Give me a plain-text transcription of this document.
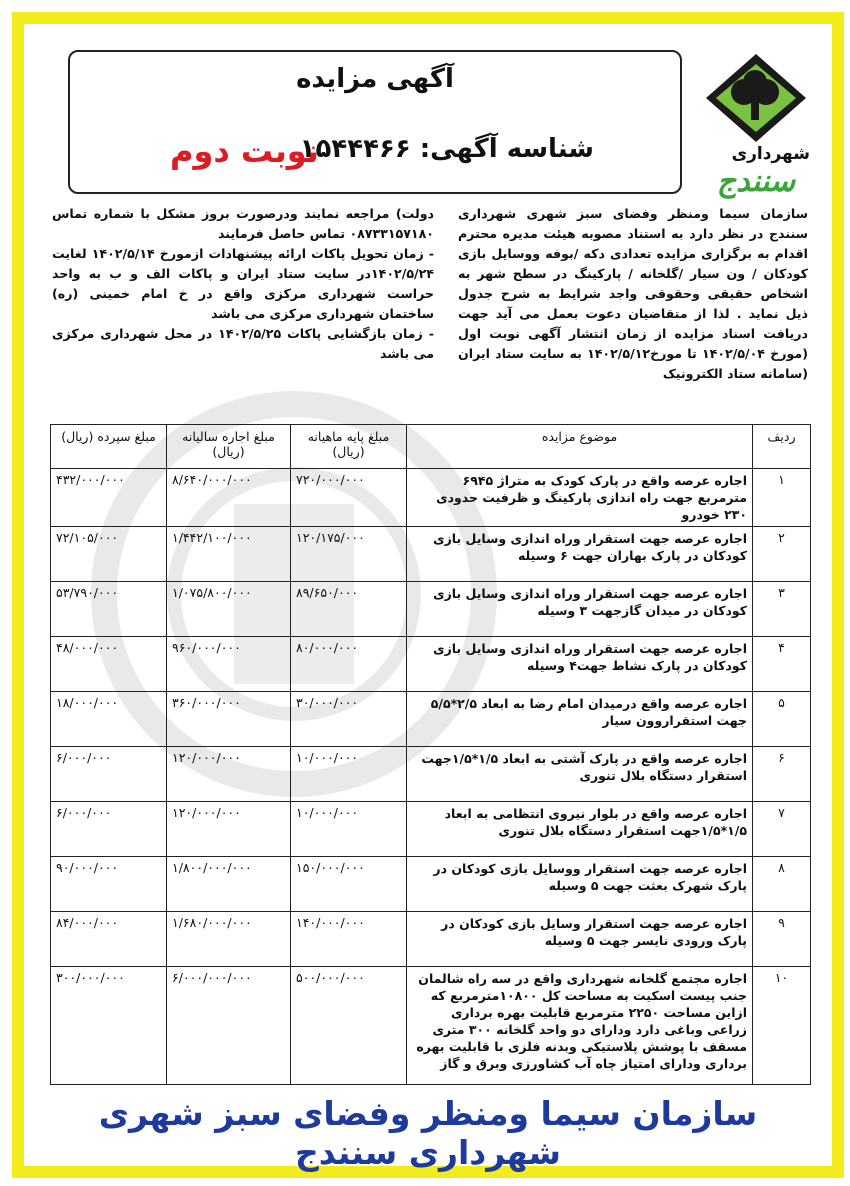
آگهی مزایده
شناسه آگهی: ۱۵۴۴۴۶۶
نوبت دوم	شهرداری
سنندج
سازمان سیما ومنظر وفضای سبز شهری شهرداری سنندج در نظر دارد به استناد مصوبه هیئت مدیره محترم اقدام به برگزاری مزایده تعدادی دکه /بوفه ووسایل بازی کودکان / ون سیار /گلخانه / پارکینگ در سطح شهر به اشخاص حقیقی وحقوقی واجد شرایط به شرح جدول ذیل نماید . لذا از متقاضیان دعوت بعمل می آید جهت دریافت اسناد مزایده از زمان انتشار آگهی نوبت اول (مورخ ۱۴۰۲/۵/۰۴ تا مورخ۱۴۰۲/۵/۱۲ به سایت ستاد ایران (سامانه ستاد الکترونیک
دولت) مراجعه نمایند ودرصورت بروز مشکل با شماره تماس ۰۸۷۳۳۱۵۷۱۸۰ تماس حاصل فرمایند
- زمان تحویل پاکات ارائه پیشنهادات ازمورخ ۱۴۰۲/۵/۱۴ لغایت ۱۴۰۲/۵/۲۴در سایت ستاد ایران و پاکات الف و ب به واحد حراست شهرداری مرکزی واقع در خ امام خمینی (ره) ساختمان شهرداری مرکزی می باشد
- زمان بازگشایی پاکات ۱۴۰۲/۵/۲۵ در محل شهرداری مرکزی می باشد
ردیف	موضوع مزایده	مبلغ پایه ماهیانه (ریال)	مبلغ اجاره سالیانه (ریال)	مبلغ سپرده (ریال)
۱	اجاره عرصه واقع در پارک کودک به متراژ ۶۹۴۵ مترمربع جهت راه اندازی پارکینگ و ظرفیت حدودی ۲۳۰ خودرو	۷۲۰/۰۰۰/۰۰۰	۸/۶۴۰/۰۰۰/۰۰۰	۴۳۲/۰۰۰/۰۰۰
۲	اجاره عرصه جهت استقرار وراه اندازی وسایل بازی کودکان در پارک بهاران جهت ۶ وسیله	۱۲۰/۱۷۵/۰۰۰	۱/۴۴۲/۱۰۰/۰۰۰	۷۲/۱۰۵/۰۰۰
۳	اجاره عرصه جهت استقرار وراه اندازی وسایل بازی کودکان در میدان گازجهت ۳ وسیله	۸۹/۶۵۰/۰۰۰	۱/۰۷۵/۸۰۰/۰۰۰	۵۳/۷۹۰/۰۰۰
۴	اجاره عرصه جهت استقرار وراه اندازی وسایل بازی کودکان در پارک نشاط جهت۴ وسیله	۸۰/۰۰۰/۰۰۰	۹۶۰/۰۰۰/۰۰۰	۴۸/۰۰۰/۰۰۰
۵	اجاره عرصه واقع درمیدان امام رضا به ابعاد ۲/۵*۵/۵ جهت استقراروون سیار	۳۰/۰۰۰/۰۰۰	۳۶۰/۰۰۰/۰۰۰	۱۸/۰۰۰/۰۰۰
۶	اجاره عرصه واقع در پارک آشتی به ابعاد ۱/۵*۱/۵جهت استقرار دستگاه بلال تنوری	۱۰/۰۰۰/۰۰۰	۱۲۰/۰۰۰/۰۰۰	۶/۰۰۰/۰۰۰
۷	اجاره عرصه واقع در بلوار نیروی انتظامی به ابعاد ۱/۵*۱/۵جهت استقرار دستگاه بلال تنوری	۱۰/۰۰۰/۰۰۰	۱۲۰/۰۰۰/۰۰۰	۶/۰۰۰/۰۰۰
۸	اجاره عرصه جهت استقرار ووسایل بازی کودکان در پارک شهرک بعثت جهت ۵ وسیله	۱۵۰/۰۰۰/۰۰۰	۱/۸۰۰/۰۰۰/۰۰۰	۹۰/۰۰۰/۰۰۰
۹	اجاره عرصه جهت استقرار وسایل بازی کودکان در پارک ورودی نایسر جهت ۵ وسیله	۱۴۰/۰۰۰/۰۰۰	۱/۶۸۰/۰۰۰/۰۰۰	۸۴/۰۰۰/۰۰۰
۱۰	اجاره مجتمع گلخانه شهرداری واقع در سه راه شالمان جنب پیست اسکیت به مساحت کل ۱۰۸۰۰مترمربع که ازاین مساحت ۲۲۵۰ مترمربع قابلیت بهره برداری زراعی وباغی دارد ودارای دو واحد گلخانه ۳۰۰ متری مسقف با پوشش پلاستیکی وبدنه فلزی با قابلیت بهره برداری ودارای امتیاز چاه آب کشاورزی وبرق و گاز	۵۰۰/۰۰۰/۰۰۰	۶/۰۰۰/۰۰۰/۰۰۰	۳۰۰/۰۰۰/۰۰۰
سازمان سیما ومنظر وفضای سبز شهری شهرداری سنندج
